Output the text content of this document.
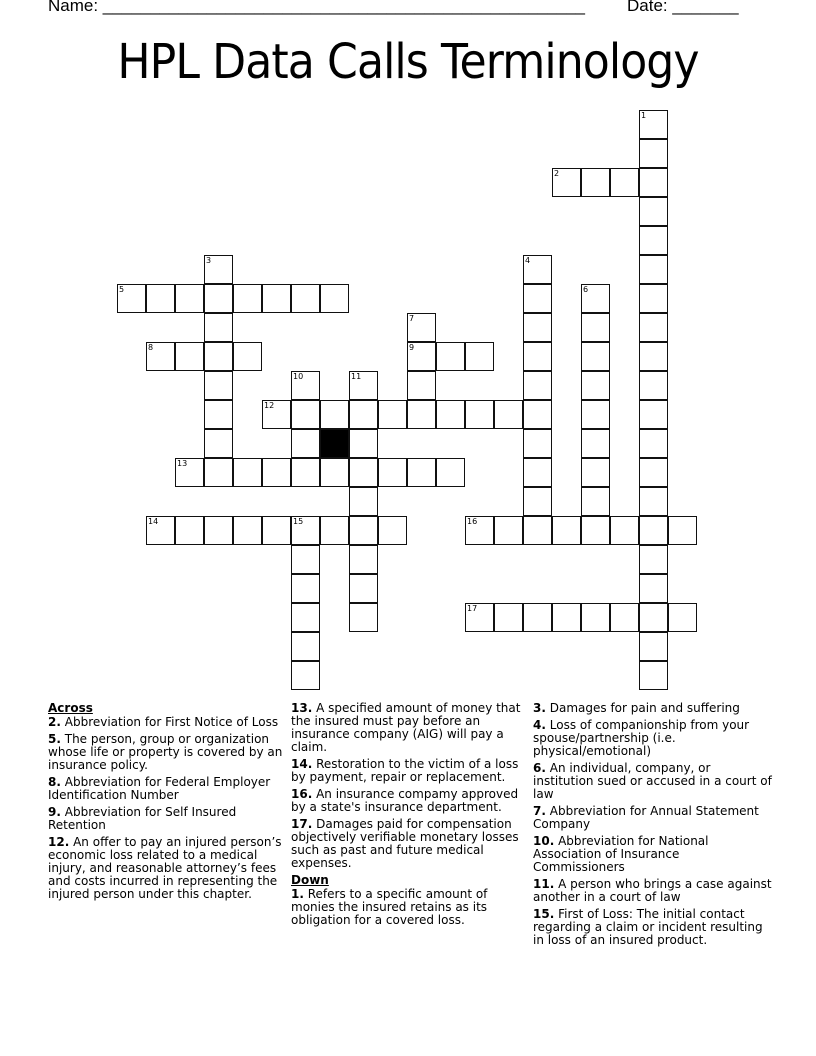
Name: ___________________________________________________ Date: _______
HPL Data Calls Terminology
1
2
3	4
5	6
7
9
8
10	11
12
13
14	15	16
17
Across
2. Abbreviation for First Notice of Loss
5. The person, group or organization whose life or property is covered by an insurance policy.
8. Abbreviation for Federal Employer Identification Number
9. Abbreviation for Self Insured Retention
12. An offer to pay an injured person’s economic loss related to a medical injury, and reasonable attorney’s fees and costs incurred in representing the injured person under this chapter.
13. A specified amount of money that the insured must pay before an insurance company (AIG) will pay a claim.
14. Restoration to the victim of a loss by payment, repair or replacement.
16. An insurance compamy approved by a state's insurance department.
17. Damages paid for compensation objectively verifiable monetary losses such as past and future medical expenses.
Down
1. Refers to a specific amount of monies the insured retains as its obligation for a covered loss.
3. Damages for pain and suffering
4. Loss of companionship from your spouse/partnership (i.e. physical/emotional)
6. An individual, company, or institution sued or accused in a court of law
7. Abbreviation for Annual Statement Company
10. Abbreviation for National Association of Insurance Commissioners
11. A person who brings a case against another in a court of law
15. First of Loss: The initial contact regarding a claim or incident resulting in loss of an insured product.
